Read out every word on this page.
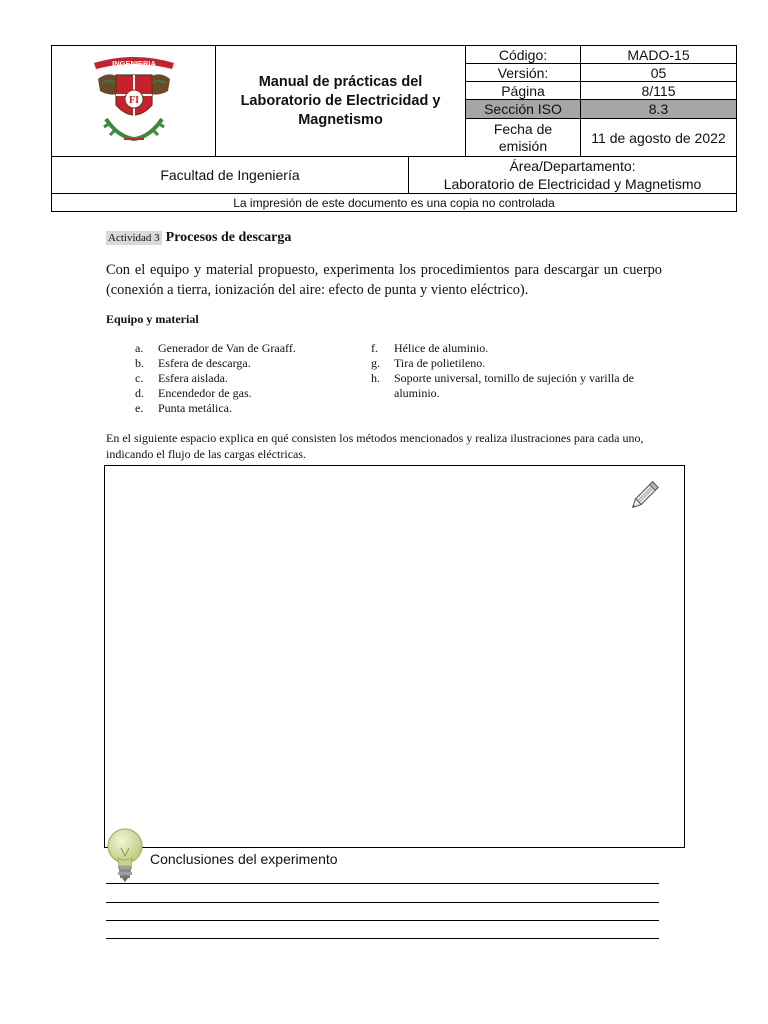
INGENIERIA
FI
Manual de prácticas del Laboratorio de Electricidad y Magnetismo
Código:	MADO-15
Versión:	05
Página	8/115
Sección ISO	8.3
Fecha de emisión	11 de agosto de 2022
Facultad de Ingeniería
Área/Departamento:
Laboratorio de Electricidad y Magnetismo
La impresión de este documento es una copia no controlada
Actividad 3 Procesos de descarga
Con el equipo y material propuesto, experimenta los procedimientos para descargar un cuerpo (conexión a tierra, ionización del aire: efecto de punta y viento eléctrico).
Equipo y material
a.	Generador de Van de Graaff.
b.	Esfera de descarga.
c.	Esfera aislada.
d.	Encendedor de gas.
e.	Punta metálica.
f.	Hélice de aluminio.
g.	Tira de polietileno.
h.	Soporte universal, tornillo de sujeción y varilla de aluminio.
En el siguiente espacio explica en qué consisten los métodos mencionados y realiza ilustraciones para cada uno, indicando el flujo de las cargas eléctricas.
Conclusiones del experimento
